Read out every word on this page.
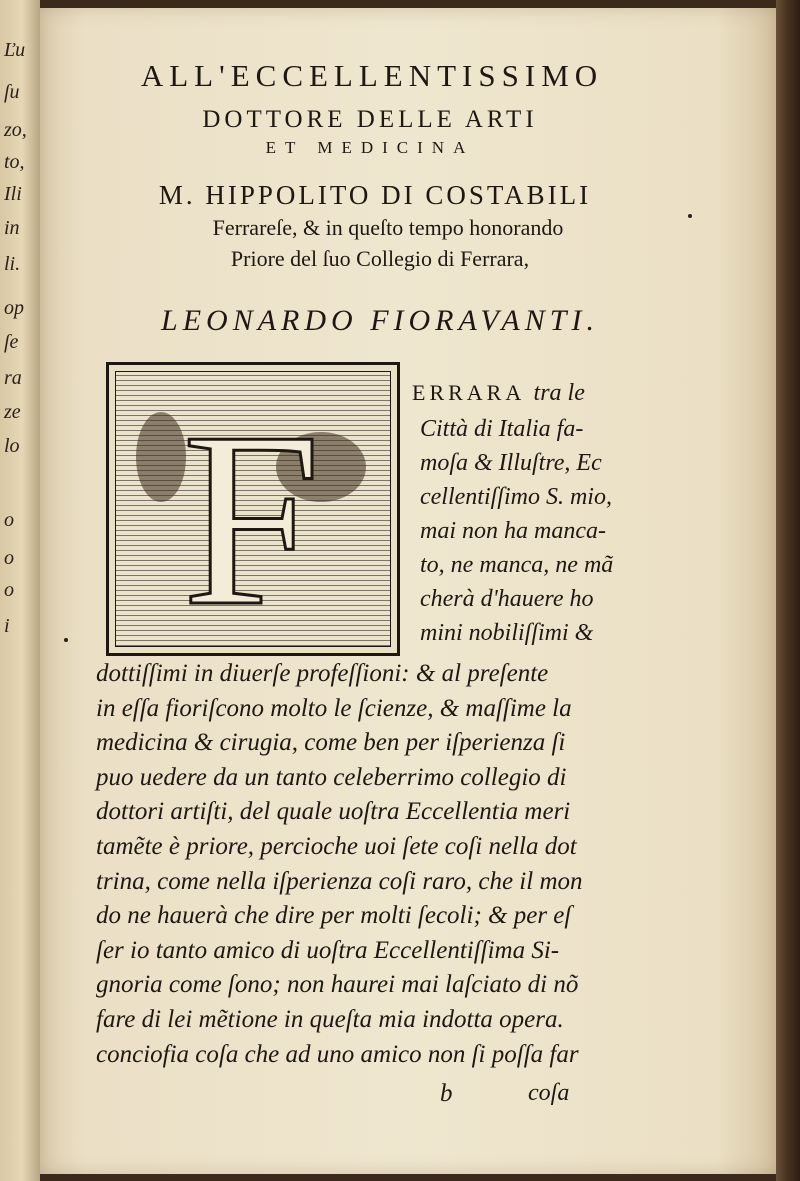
Ľu
ſu
zo,
to,
Ili
in
li.
op
ſe
ra
ze
lo
o
o
o
i
ALL'ECCELLENTISSIMO
DOTTORE DELLE ARTI
ET MEDICINA
M. HIPPOLITO DI COSTABILI
Ferrareſe, & in queſto tempo honorando
Priore del ſuo Collegio di Ferrara,
LEONARDO FIORAVANTI.
F	ERRARA tra le
Città di Italia fa-
moſa & Illuſtre, Ec
cellentiſſimo S. mio,
mai non ha manca-
to, ne manca, ne mã
cherà d'hauere ho
mini nobiliſſimi &
dottiſſimi in diuerſe profeſſioni: & al preſente
in eſſa fioriſcono molto le ſcienze, & maſſime la
medicina & cirugia, come ben per iſperienza ſi
puo uedere da un tanto celeberrimo collegio di
dottori artiſti, del quale uoſtra Eccellentia meri
tamẽte è priore, percioche uoi ſete coſi nella dot
trina, come nella iſperienza coſi raro, che il mon
do ne hauerà che dire per molti ſecoli; & per eſ
ſer io tanto amico di uoſtra Eccellentiſſima Si-
gnoria come ſono; non haurei mai laſciato di nõ
fare di lei mẽtione in queſta mia indotta opera.
conciofia coſa che ad uno amico non ſi poſſa far
b	coſa
